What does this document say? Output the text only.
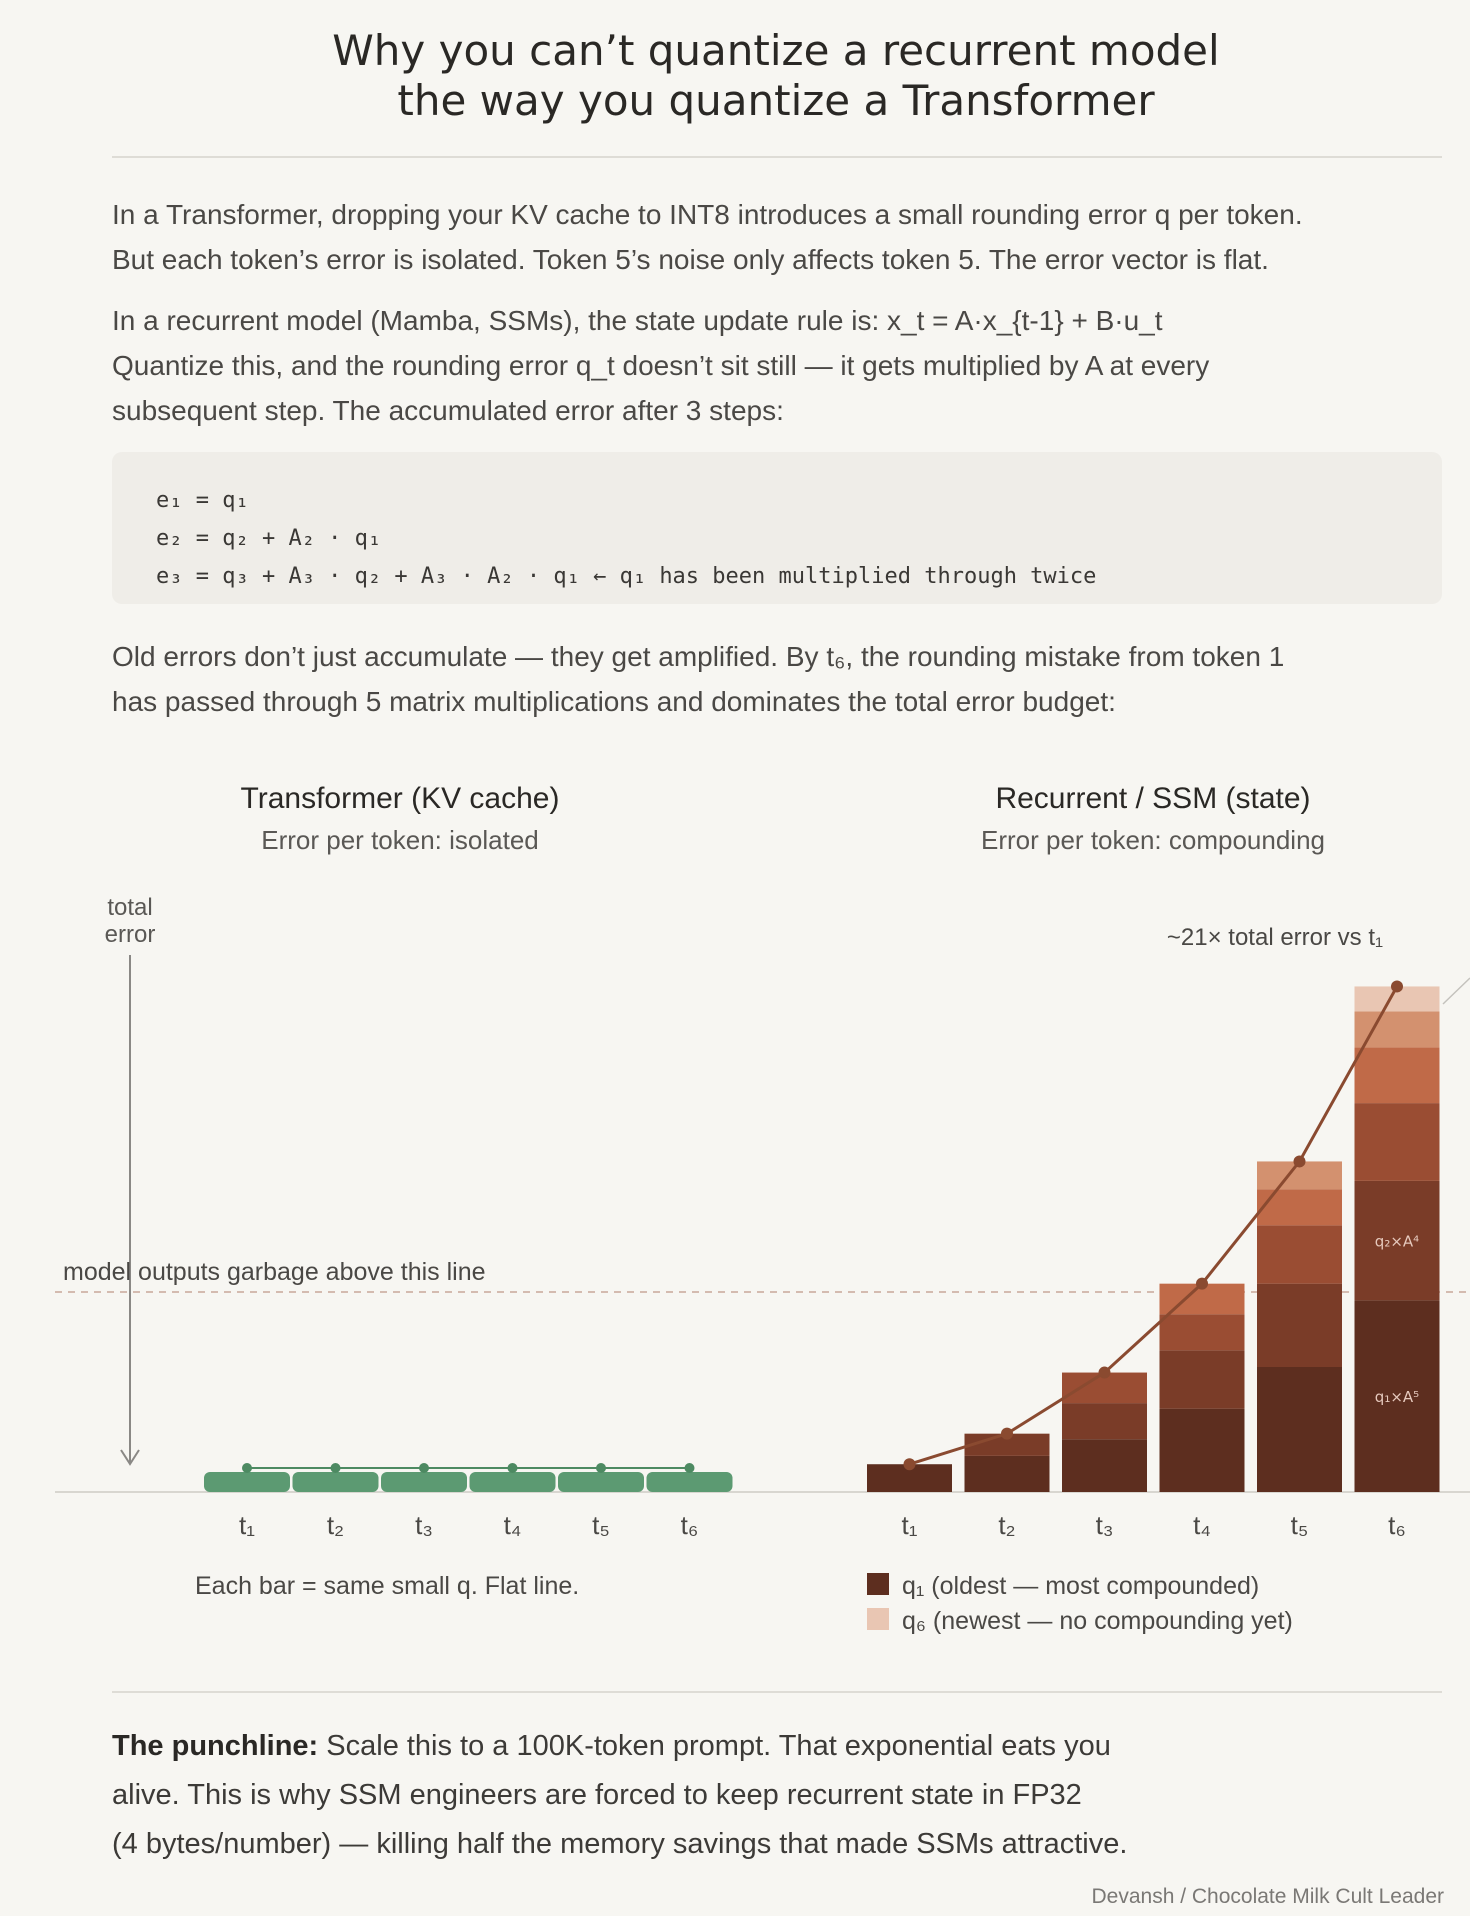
Why you can’t quantize a recurrent model
the way you quantize a Transformer
In a Transformer, dropping your KV cache to INT8 introduces a small rounding error q per token.
But each token’s error is isolated. Token 5’s noise only affects token 5. The error vector is flat.
In a recurrent model (Mamba, SSMs), the state update rule is: x_t = A·x_{t-1} + B·u_t
Quantize this, and the rounding error q_t doesn’t sit still — it gets multiplied by A at every
subsequent step. The accumulated error after 3 steps:
e₁ = q₁
e₂ = q₂ + A₂ · q₁
e₃ = q₃ + A₃ · q₂ + A₃ · A₂ · q₁ ← q₁ has been multiplied through twice
Old errors don’t just accumulate — they get amplified. By t₆, the rounding mistake from token 1
has passed through 5 matrix multiplications and dominates the total error budget:
Transformer (KV cache)
Error per token: isolated
Recurrent / SSM (state)
Error per token: compounding
total
error
model outputs garbage above this line
t₁	t₂	t₃	t₄	t₅	t₆	t₁	t₂	t₃	t₄	t₅
q₁×A⁵
q₂×A⁴
t₆
~21× total error vs t₁
Each bar = same small q. Flat line.	q₁ (oldest — most compounded)
q₆ (newest — no compounding yet)
The punchline: Scale this to a 100K-token prompt. That exponential eats you
alive. This is why SSM engineers are forced to keep recurrent state in FP32
(4 bytes/number) — killing half the memory savings that made SSMs attractive.
Devansh / Chocolate Milk Cult Leader
